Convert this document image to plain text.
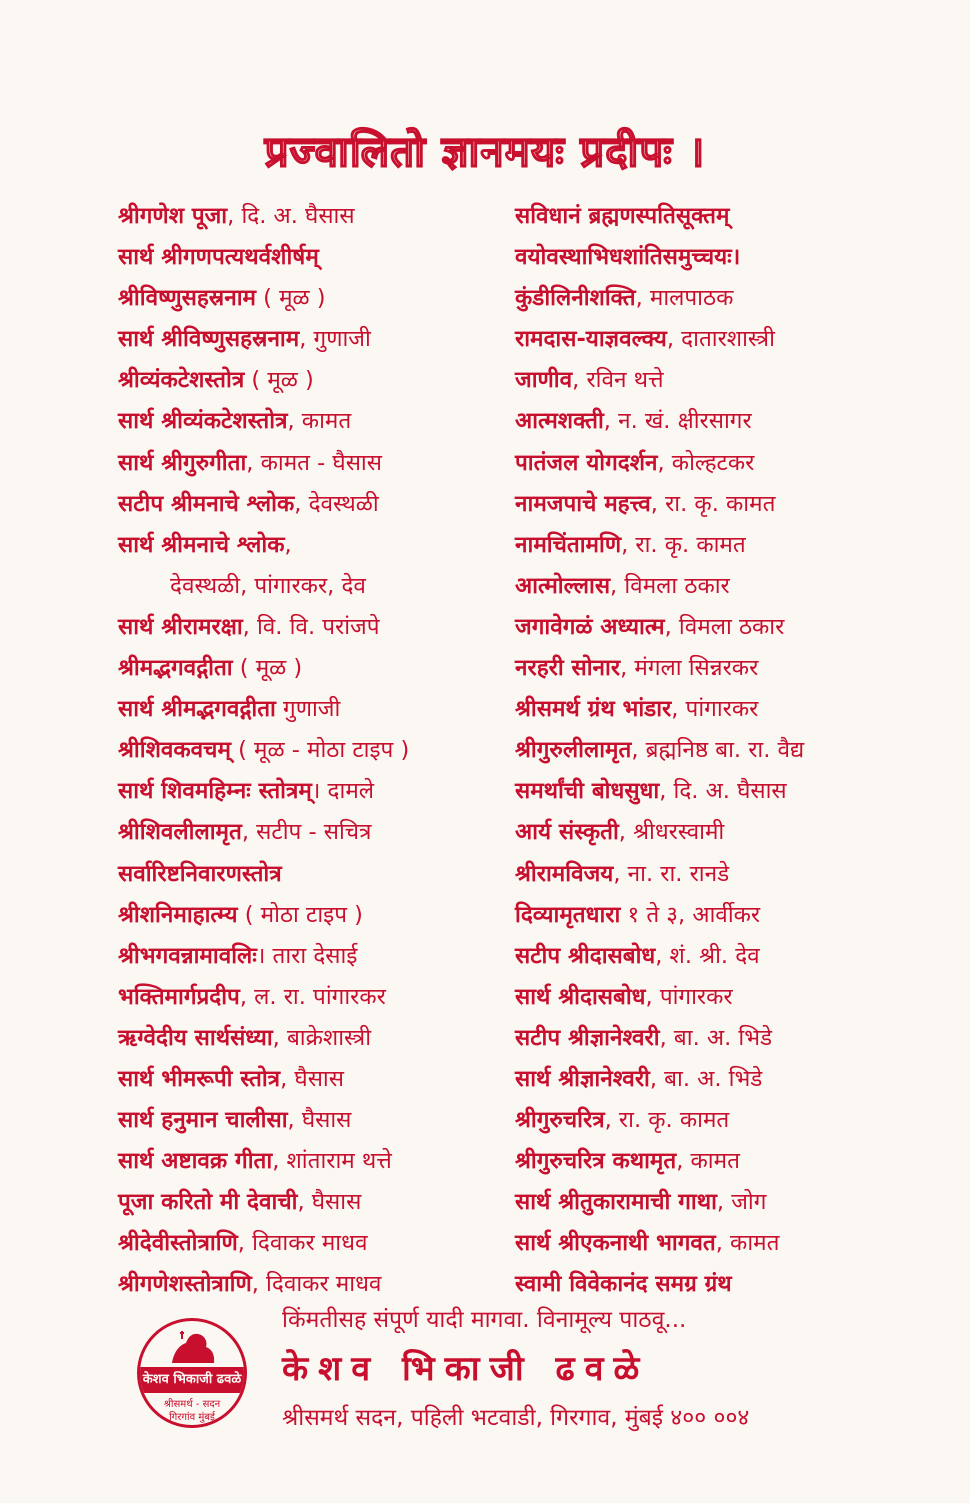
प्रज्वालितो ज्ञानमयः प्रदीपः ।
श्रीगणेश पूजा, दि. अ. घैसास
सार्थ श्रीगणपत्यथर्वशीर्षम्
श्रीविष्णुसहस्रनाम ( मूळ )
सार्थ श्रीविष्णुसहस्रनाम, गुणाजी
श्रीव्यंकटेशस्तोत्र ( मूळ )
सार्थ श्रीव्यंकटेशस्तोत्र, कामत
सार्थ श्रीगुरुगीता, कामत - घैसास
सटीप श्रीमनाचे श्लोक, देवस्थळी
सार्थ श्रीमनाचे श्लोक,
देवस्थळी, पांगारकर, देव
सार्थ श्रीरामरक्षा, वि. वि. परांजपे
श्रीमद्भगवद्गीता ( मूळ )
सार्थ श्रीमद्भगवद्गीता गुणाजी
श्रीशिवकवचम् ( मूळ - मोठा टाइप )
सार्थ शिवमहिम्नः स्तोत्रम्। दामले
श्रीशिवलीलामृत, सटीप - सचित्र
सर्वारिष्टनिवारणस्तोत्र
श्रीशनिमाहात्म्य ( मोठा टाइप )
श्रीभगवन्नामावलिः। तारा देसाई
भक्तिमार्गप्रदीप, ल. रा. पांगारकर
ऋग्वेदीय सार्थसंध्या, बाक्रेशास्त्री
सार्थ भीमरूपी स्तोत्र, घैसास
सार्थ हनुमान चालीसा, घैसास
सार्थ अष्टावक्र गीता, शांताराम थत्ते
पूजा करितो मी देवाची, घैसास
श्रीदेवीस्तोत्राणि, दिवाकर माधव
श्रीगणेशस्तोत्राणि, दिवाकर माधव
सविधानं ब्रह्मणस्पतिसूक्तम्
वयोवस्थाभिधशांतिसमुच्चयः।
कुंडीलिनीशक्ति, मालपाठक
रामदास-याज्ञवल्क्य, दातारशास्त्री
जाणीव, रविन थत्ते
आत्मशक्ती, न. खं. क्षीरसागर
पातंजल योगदर्शन, कोल्हटकर
नामजपाचे महत्त्व, रा. कृ. कामत
नामचिंतामणि, रा. कृ. कामत
आत्मोल्लास, विमला ठकार
जगावेगळं अध्यात्म, विमला ठकार
नरहरी सोनार, मंगला सिन्नरकर
श्रीसमर्थ ग्रंथ भांडार, पांगारकर
श्रीगुरुलीलामृत, ब्रह्मनिष्ठ बा. रा. वैद्य
समर्थांची बोधसुधा, दि. अ. घैसास
आर्य संस्कृती, श्रीधरस्वामी
श्रीरामविजय, ना. रा. रानडे
दिव्यामृतधारा १ ते ३, आर्वीकर
सटीप श्रीदासबोध, शं. श्री. देव
सार्थ श्रीदासबोध, पांगारकर
सटीप श्रीज्ञानेश्वरी, बा. अ. भिडे
सार्थ श्रीज्ञानेश्वरी, बा. अ. भिडे
श्रीगुरुचरित्र, रा. कृ. कामत
श्रीगुरुचरित्र कथामृत, कामत
सार्थ श्रीतुकारामाची गाथा, जोग
सार्थ श्रीएकनाथी भागवत, कामत
स्वामी विवेकानंद समग्र ग्रंथ
किंमतीसह संपूर्ण यादी मागवा. विनामूल्य पाठवू...
केशव भिकाजी ढवळे
श्रीसमर्थ - सदन
गिरगांव मुंबई
केशव भिकाजी ढवळे
श्रीसमर्थ सदन, पहिली भटवाडी, गिरगाव, मुंबई ४०० ००४
